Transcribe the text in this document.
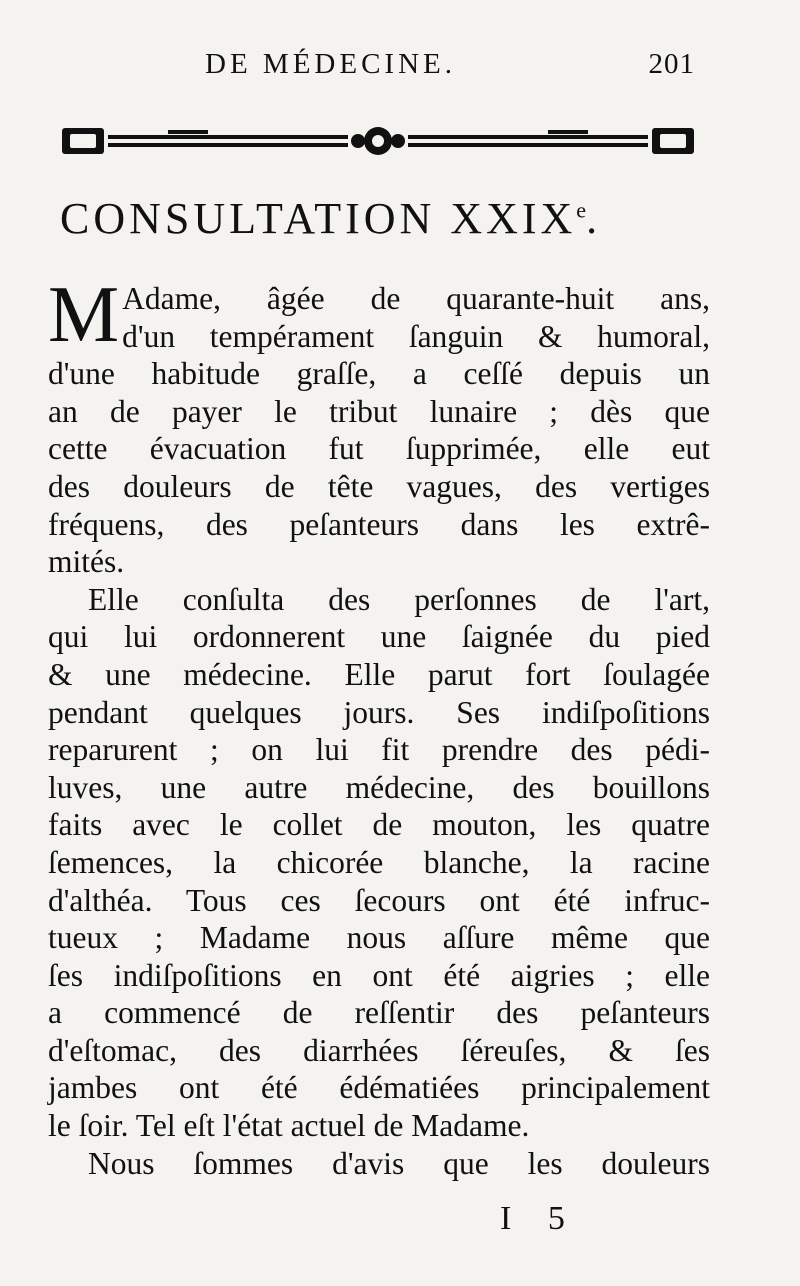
DE MÉDECINE.	201
CONSULTATION XXIXe.
M Adame, âgée de quarante-huit ans,
d'un tempérament ſanguin & humoral,
d'une habitude graſſe, a ceſſé depuis un
an de payer le tribut lunaire ; dès que
cette évacuation fut ſupprimée, elle eut
des douleurs de tête vagues, des vertiges
fréquens, des peſanteurs dans les extrê-
mités.
Elle conſulta des perſonnes de l'art,
qui lui ordonnerent une ſaignée du pied
& une médecine. Elle parut fort ſoulagée
pendant quelques jours. Ses indiſpoſitions
reparurent ; on lui fit prendre des pédi-
luves, une autre médecine, des bouillons
faits avec le collet de mouton, les quatre
ſemences, la chicorée blanche, la racine
d'althéa. Tous ces ſecours ont été infruc-
tueux ; Madame nous aſſure même que
ſes indiſpoſitions en ont été aigries ; elle
a commencé de reſſentir des peſanteurs
d'eſtomac, des diarrhées ſéreuſes, & ſes
jambes ont été édématiées principalement
le ſoir. Tel eſt l'état actuel de Madame.
Nous ſommes d'avis que les douleurs
I 5
